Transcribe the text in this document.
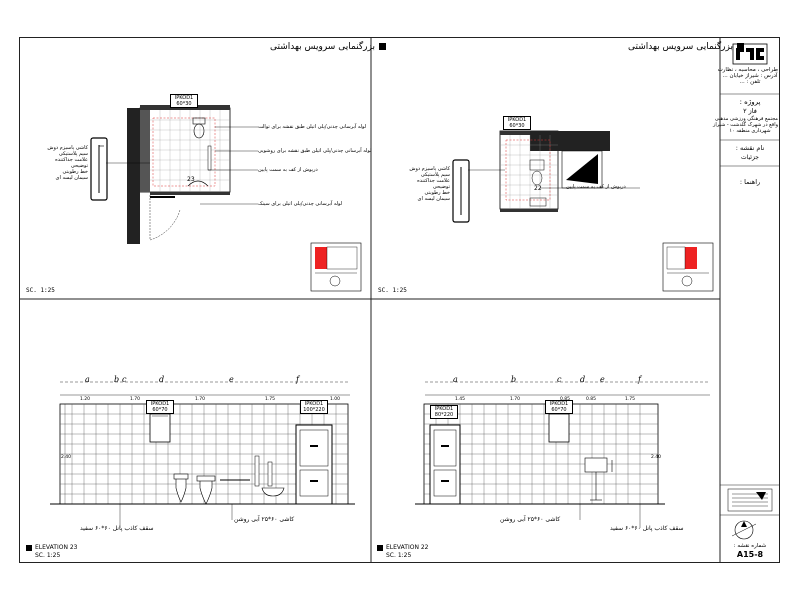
طراحی ، محاسبه ، نظارت
آدرس : شیراز خیابان ...
تلفن : ...
پروژه :
فاز ۲
مجتمع فرهنگی ورزشی مذهبی
واقع در شهرک گلدشت - شیراز
شهرداری منطقه ۱۰
نام نقشه :
جزئیات
راهنما :
شماره نقشه :
A15-8
بزرگنمایی سرویس بهداشتی
SC. 1:25
IPKOD1
60*30
کاشی پاسیزم دوش
سیم پلاستیکی
علامت جداکننده
توضیحی
خط رطوبتی
سیمان لیسه ای
لوله آبرسانی چدنی/پلی اتیلن طبق نقشه برای توالت
لوله آبرسانی چدنی/پلی اتیلن طبق نقشه برای روشویی
درپوش از کف به سمت پایین
لوله آبرسانی چدنی/پلی اتیلن برای سینک
23
بزرگنمایی سرویس بهداشتی
SC. 1:25
IPKOD1
60*30
کاشی پاسیزم دوش
سیم پلاستیکی
علامت جداکننده
توضیحی
خط رطوبتی
سیمان لیسه ای
درپوش از کف به سمت پایین
22
a	b c	d	e	f
1.20	1.70	1.70	1.75	1.00
2.40
IPKOD1
60*70
IPKOD1
100*220
کاشی ۶۰*۲۵ آبی روشن
سقف کاذب پانل ۶۰*۶۰ سفید
ELEVATION 23
SC. 1:25
a	b	c d e	f
1.45	1.70	0.85	1.75
2.40
IPKOD1
80*220
IPKOD1
60*70
کاشی ۶۰*۲۵ آبی روشن
سقف کاذب پانل ۶۰*۶۰ سفید
ELEVATION 22
SC. 1:25
